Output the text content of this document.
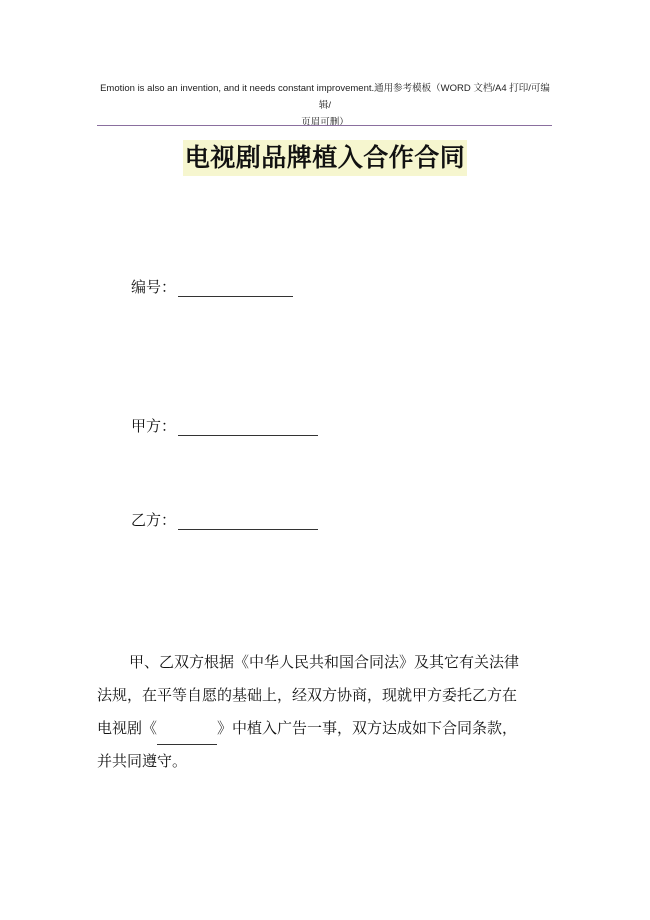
Emotion is also an invention, and it needs constant improvement.通用参考模板（WORD 文档/A4 打印/可编辑/
页眉可删）
电视剧品牌植入合作合同
编号：
甲方：
乙方：

甲、乙双方根据《中华人民共和国合同法》及其它有关法律

法规，在平等自愿的基础上，经双方协商，现就甲方委托乙方在

电视剧《	》中植入广告一事，双方达成如下合同条款，

并共同遵守。
